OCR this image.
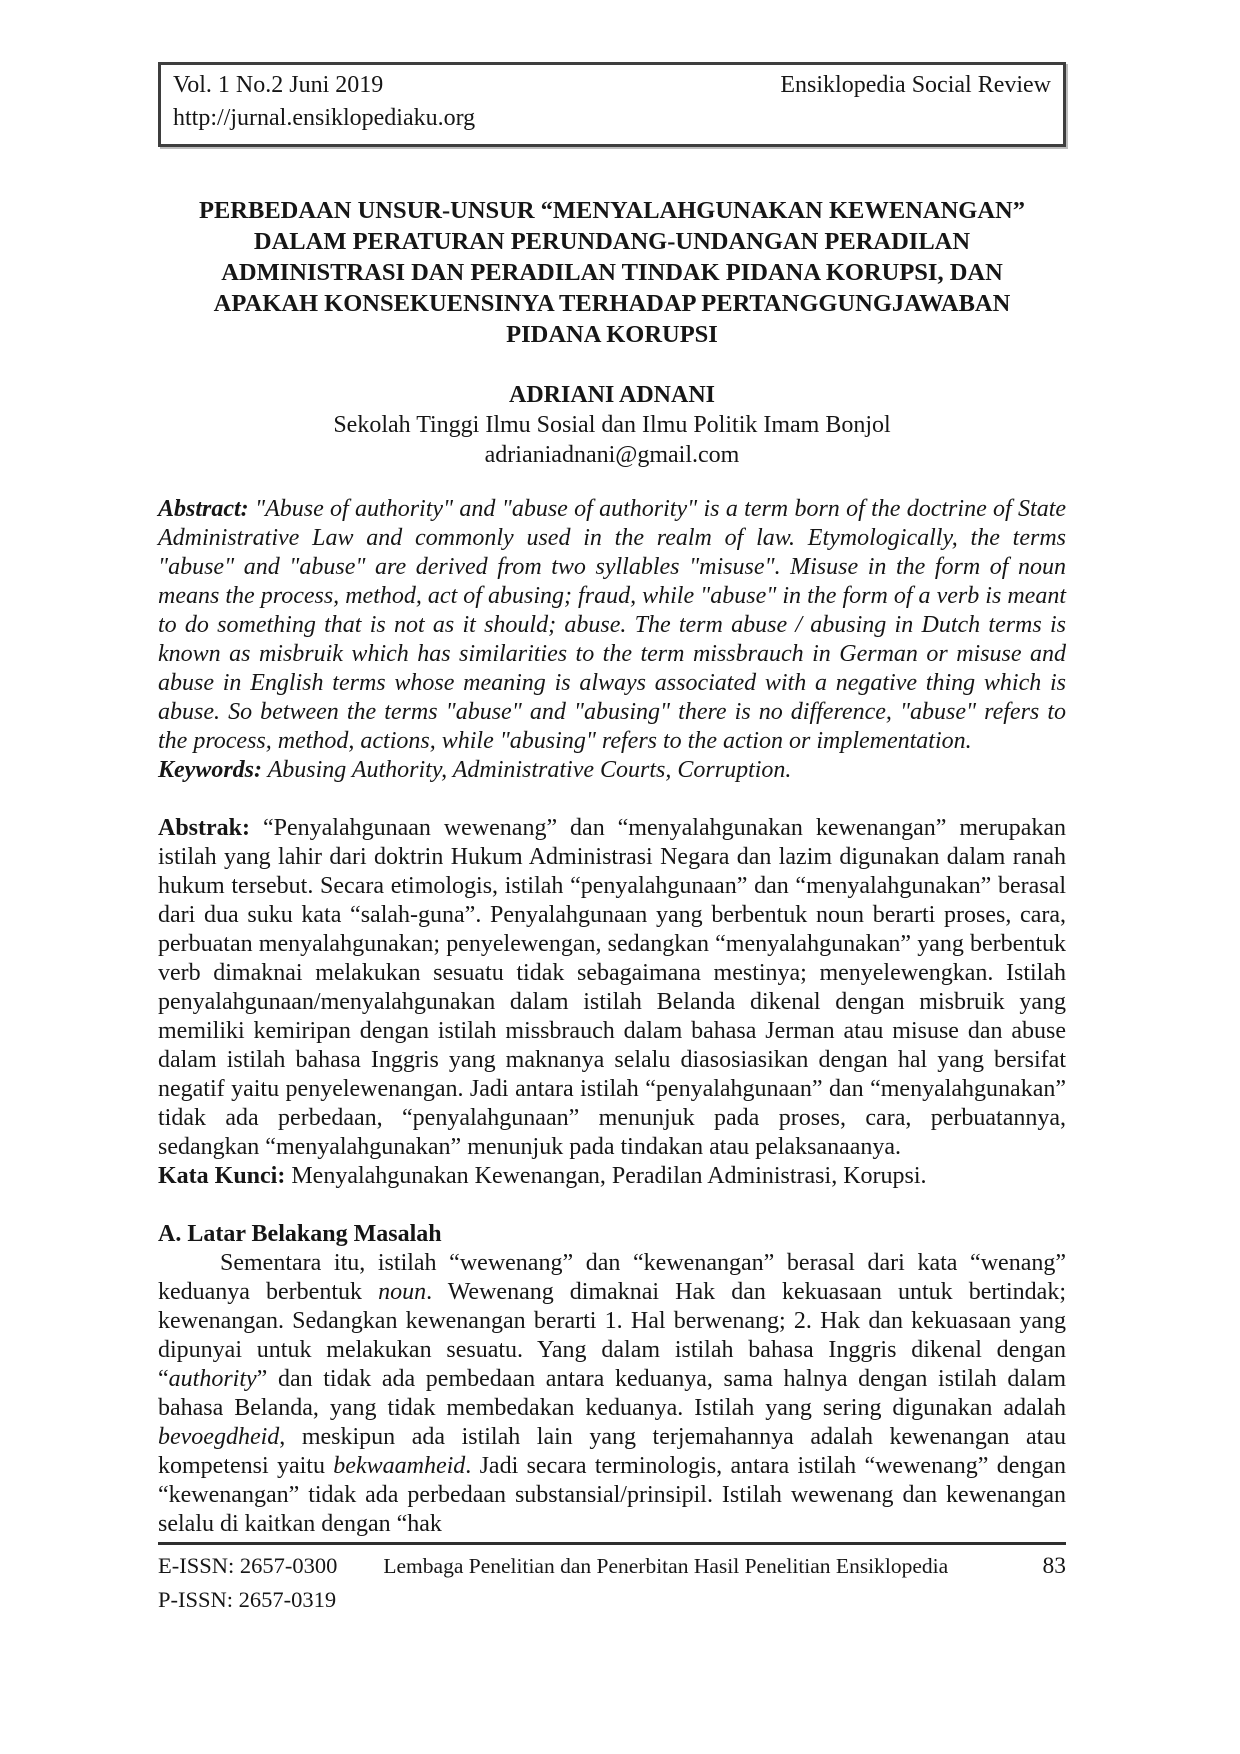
Vol. 1 No.2 Juni 2019	Ensiklopedia Social Review
http://jurnal.ensiklopediaku.org
PERBEDAAN UNSUR-UNSUR “MENYALAHGUNAKAN KEWENANGAN”
DALAM PERATURAN PERUNDANG-UNDANGAN PERADILAN
ADMINISTRASI DAN PERADILAN TINDAK PIDANA KORUPSI, DAN
APAKAH KONSEKUENSINYA TERHADAP PERTANGGUNGJAWABAN
PIDANA KORUPSI
ADRIANI ADNANI
Sekolah Tinggi Ilmu Sosial dan Ilmu Politik Imam Bonjol
adrianiadnani@gmail.com

Abstract: "Abuse of authority" and "abuse of authority" is a term born of the doctrine of State Administrative Law and commonly used in the realm of law. Etymologically, the terms "abuse" and "abuse" are derived from two syllables "misuse". Misuse in the form of noun means the process, method, act of abusing; fraud, while "abuse" in the form of a verb is meant to do something that is not as it should; abuse. The term abuse / abusing in Dutch terms is known as misbruik which has similarities to the term missbrauch in German or misuse and abuse in English terms whose meaning is always associated with a negative thing which is abuse. So between the terms "abuse" and "abusing" there is no difference, "abuse" refers to the process, method, actions, while "abusing" refers to the action or implementation.

Keywords: Abusing Authority, Administrative Courts, Corruption.

Abstrak: “Penyalahgunaan wewenang” dan “menyalahgunakan kewenangan” merupakan istilah yang lahir dari doktrin Hukum Administrasi Negara dan lazim digunakan dalam ranah hukum tersebut. Secara etimologis, istilah “penyalahgunaan” dan “menyalahgunakan” berasal dari dua suku kata “salah-guna”. Penyalahgunaan yang berbentuk noun berarti proses, cara, perbuatan menyalahgunakan; penyelewengan, sedangkan “menyalahgunakan” yang berbentuk verb dimaknai melakukan sesuatu tidak sebagaimana mestinya; menyelewengkan. Istilah penyalahgunaan/menyalahgunakan dalam istilah Belanda dikenal dengan misbruik yang memiliki kemiripan dengan istilah missbrauch dalam bahasa Jerman atau misuse dan abuse dalam istilah bahasa Inggris yang maknanya selalu diasosiasikan dengan hal yang bersifat negatif yaitu penyelewenangan. Jadi antara istilah “penyalahgunaan” dan “menyalahgunakan” tidak ada perbedaan, “penyalahgunaan” menunjuk pada proses, cara, perbuatannya, sedangkan “menyalahgunakan” menunjuk pada tindakan atau pelaksanaanya.

Kata Kunci: Menyalahgunakan Kewenangan, Peradilan Administrasi, Korupsi.

A. Latar Belakang Masalah

Sementara itu, istilah “wewenang” dan “kewenangan” berasal dari kata “wenang” keduanya berbentuk noun. Wewenang dimaknai Hak dan kekuasaan untuk bertindak; kewenangan. Sedangkan kewenangan berarti 1. Hal berwenang; 2. Hak dan kekuasaan yang dipunyai untuk melakukan sesuatu. Yang dalam istilah bahasa Inggris dikenal dengan “authority” dan tidak ada pembedaan antara keduanya, sama halnya dengan istilah dalam bahasa Belanda, yang tidak membedakan keduanya. Istilah yang sering digunakan adalah bevoegdheid, meskipun ada istilah lain yang terjemahannya adalah kewenangan atau kompetensi yaitu bekwaamheid. Jadi secara terminologis, antara istilah “wewenang” dengan “kewenangan” tidak ada perbedaan substansial/prinsipil. Istilah wewenang dan kewenangan selalu di kaitkan dengan “hak

E-ISSN: 2657-0300 Lembaga Penelitian dan Penerbitan Hasil Penelitian Ensiklopedia	83
P-ISSN: 2657-0319
